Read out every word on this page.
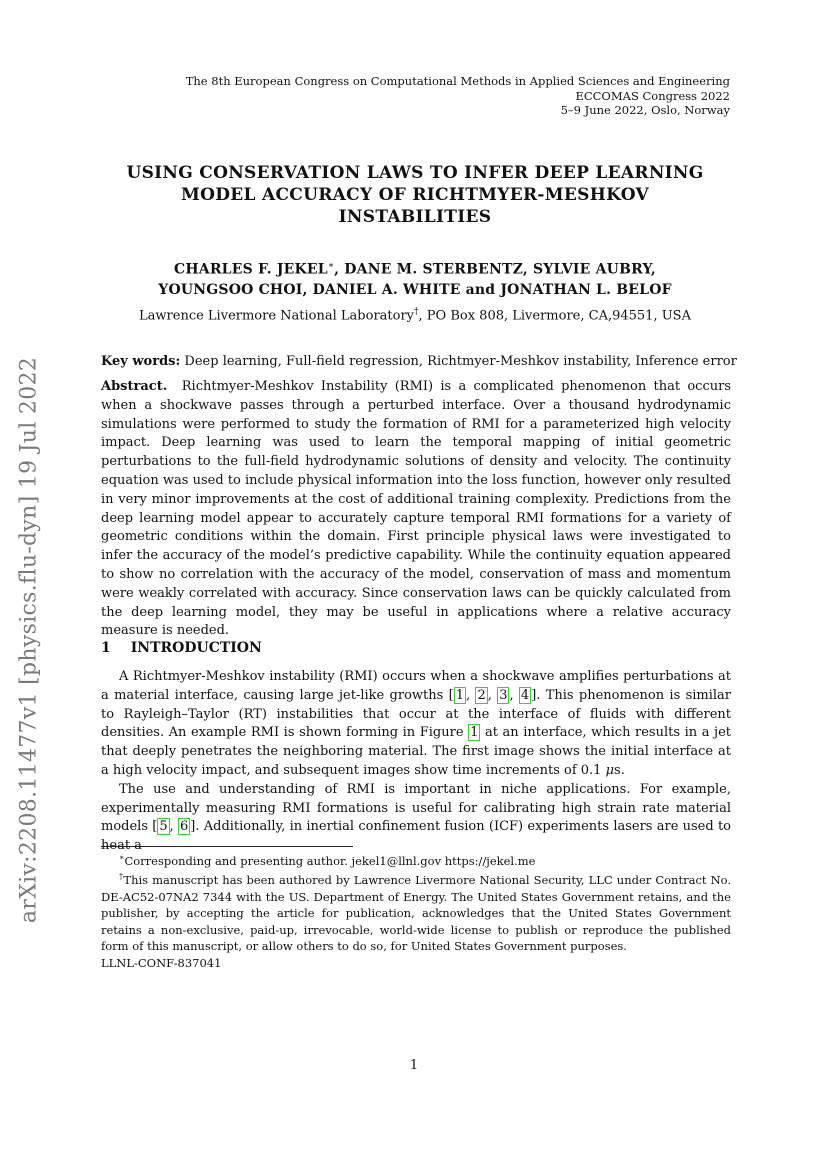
The 8th European Congress on Computational Methods in Applied Sciences and Engineering
ECCOMAS Congress 2022
5–9 June 2022, Oslo, Norway
USING CONSERVATION LAWS TO INFER DEEP LEARNING
MODEL ACCURACY OF RICHTMYER-MESHKOV
INSTABILITIES
CHARLES F. JEKEL∗, DANE M. STERBENTZ, SYLVIE AUBRY,
YOUNGSOO CHOI, DANIEL A. WHITE and JONATHAN L. BELOF
Lawrence Livermore National Laboratory†, PO Box 808, Livermore, CA,94551, USA
arXiv:2208.11477v1 [physics.flu-dyn] 19 Jul 2022	Key words: Deep learning, Full-field regression, Richtmyer-Meshkov instability, Inference error

Abstract. Richtmyer-Meshkov Instability (RMI) is a complicated phenomenon that occurs when a shockwave passes through a perturbed interface. Over a thousand hydrodynamic simulations were performed to study the formation of RMI for a parameterized high velocity impact. Deep learning was used to learn the temporal mapping of initial geometric perturbations to the full-field hydrodynamic solutions of density and velocity. The continuity equation was used to include physical information into the loss function, however only resulted in very minor improvements at the cost of additional training complexity. Predictions from the deep learning model appear to accurately capture temporal RMI formations for a variety of geometric conditions within the domain. First principle physical laws were investigated to infer the accuracy of the model’s predictive capability. While the continuity equation appeared to show no correlation with the accuracy of the model, conservation of mass and momentum were weakly correlated with accuracy. Since conservation laws can be quickly calculated from the deep learning model, they may be useful in applications where a relative accuracy measure is needed.

1 INTRODUCTION

A Richtmyer-Meshkov instability (RMI) occurs when a shockwave amplifies perturbations at a material interface, causing large jet-like growths [ 1 , 2 , 3 , 4 ]. This phenomenon is similar to Rayleigh–Taylor (RT) instabilities that occur at the interface of fluids with different densities. An example RMI is shown forming in Figure 1 at an interface, which results in a jet that deeply penetrates the neighboring material. The first image shows the initial interface at a high velocity impact, and subsequent images show time increments of 0.1 μs.

The use and understanding of RMI is important in niche applications. For example, experimentally measuring RMI formations is useful for calibrating high strain rate material models [ 5 , 6 ]. Additionally, in inertial confinement fusion (ICF) experiments lasers are used to heat a

∗Corresponding and presenting author. jekel1@llnl.gov https://jekel.me

†This manuscript has been authored by Lawrence Livermore National Security, LLC under Contract No. DE-AC52-07NA2 7344 with the US. Department of Energy. The United States Government retains, and the publisher, by accepting the article for publication, acknowledges that the United States Government retains a non-exclusive, paid-up, irrevocable, world-wide license to publish or reproduce the published form of this manuscript, or allow others to do so, for United States Government purposes.

LLNL-CONF-837041

1
